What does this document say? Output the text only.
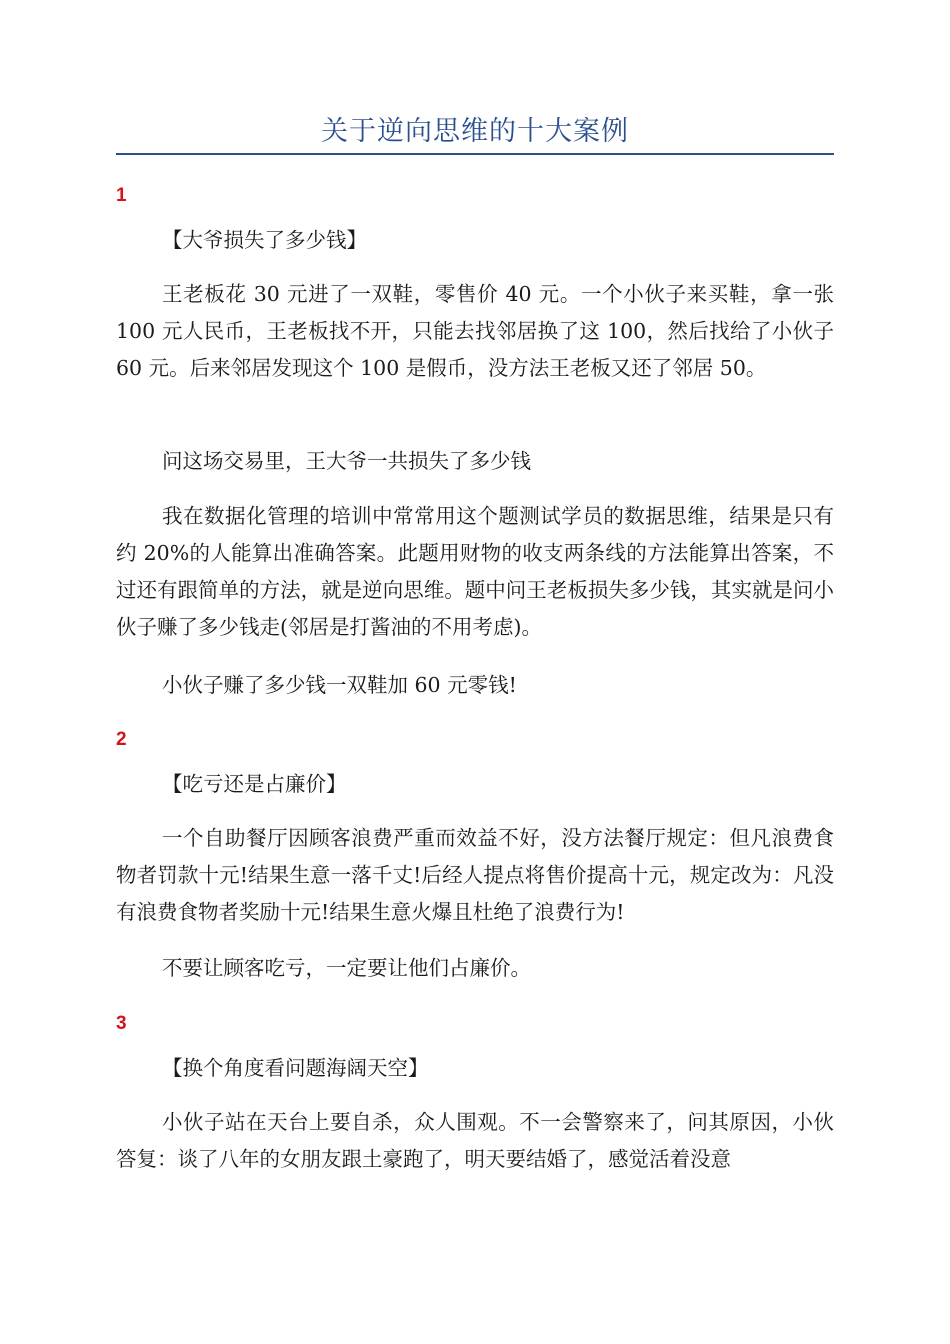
关于逆向思维的十大案例
1

【大爷损失了多少钱】

王老板花 30 元进了一双鞋，零售价 40 元。一个小伙子来买鞋，拿一张 100 元人民币，王老板找不开，只能去找邻居换了这 100，然后找给了小伙子 60 元。后来邻居发现这个 100 是假币，没方法王老板又还了邻居 50。

问这场交易里，王大爷一共损失了多少钱

我在数据化管理的培训中常常用这个题测试学员的数据思维，结果是只有约 20%的人能算出准确答案。此题用财物的收支两条线的方法能算出答案，不过还有跟简单的方法，就是逆向思维。题中问王老板损失多少钱，其实就是问小伙子赚了多少钱走(邻居是打酱油的不用考虑)。

小伙子赚了多少钱一双鞋加 60 元零钱!

2

【吃亏还是占廉价】

一个自助餐厅因顾客浪费严重而效益不好，没方法餐厅规定：但凡浪费食物者罚款十元!结果生意一落千丈!后经人提点将售价提高十元，规定改为：凡没有浪费食物者奖励十元!结果生意火爆且杜绝了浪费行为!

不要让顾客吃亏，一定要让他们占廉价。

3

【换个角度看问题海阔天空】

小伙子站在天台上要自杀，众人围观。不一会警察来了，问其原因，小伙答复：谈了八年的女朋友跟土豪跑了，明天要结婚了，感觉活着没意
